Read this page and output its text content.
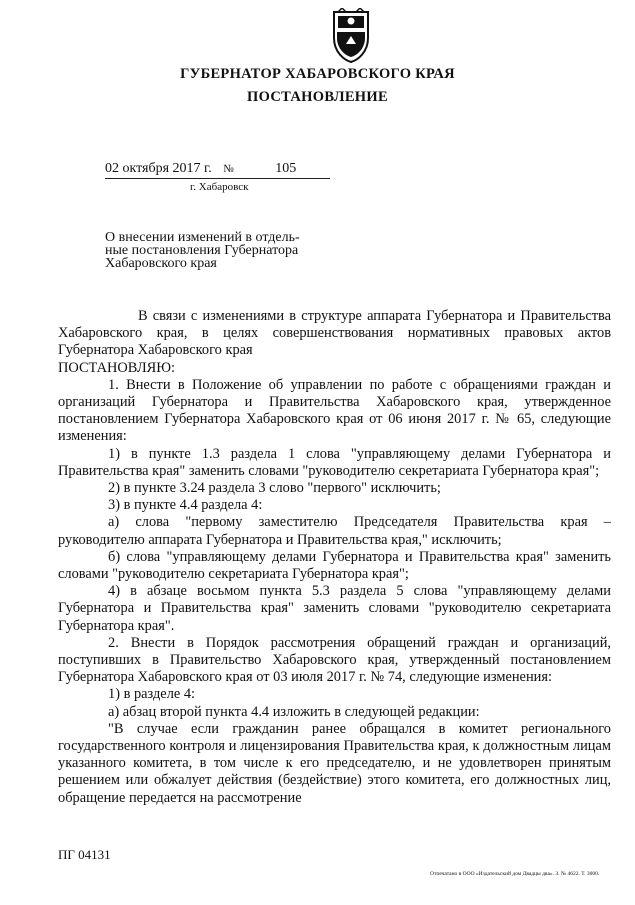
ГУБЕРНАТОР ХАБАРОВСКОГО КРАЯ
ПОСТАНОВЛЕНИЕ
02 октября 2017 г. №	105
г. Хабаровск
О внесении изменений в отдель-
ные постановления Губернатора
Хабаровского края

В связи с изменениями в структуре аппарата Губернатора и Правительства Хабаровского края, в целях совершенствования нормативных правовых актов Губернатора Хабаровского края

ПОСТАНОВЛЯЮ:

1. Внести в Положение об управлении по работе с обращениями граждан и организаций Губернатора и Правительства Хабаровского края, утвержденное постановлением Губернатора Хабаровского края от 06 июня 2017 г. № 65, следующие изменения:

1) в пункте 1.3 раздела 1 слова "управляющему делами Губернатора и Правительства края" заменить словами "руководителю секретариата Губернатора края";

2) в пункте 3.24 раздела 3 слово "первого" исключить;

3) в пункте 4.4 раздела 4:

а) слова "первому заместителю Председателя Правительства края – руководителю аппарата Губернатора и Правительства края," исключить;

б) слова "управляющему делами Губернатора и Правительства края" заменить словами "руководителю секретариата Губернатора края";

4) в абзаце восьмом пункта 5.3 раздела 5 слова "управляющему делами Губернатора и Правительства края" заменить словами "руководителю секретариата Губернатора края".

2. Внести в Порядок рассмотрения обращений граждан и организаций, поступивших в Правительство Хабаровского края, утвержденный постановлением Губернатора Хабаровского края от 03 июля 2017 г. № 74, следующие изменения:

1) в разделе 4:

а) абзац второй пункта 4.4 изложить в следующей редакции:

"В случае если гражданин ранее обращался в комитет регионального государственного контроля и лицензирования Правительства края, к должностным лицам указанного комитета, в том числе к его председателю, и не удовлетворен принятым решением или обжалует действия (бездействие) этого комитета, его должностных лиц, обращение передается на рассмотрение

ПГ 04131
Отпечатано в ООО «Издательский дом Двадцы два». З. № 4622. Т. 3000.
